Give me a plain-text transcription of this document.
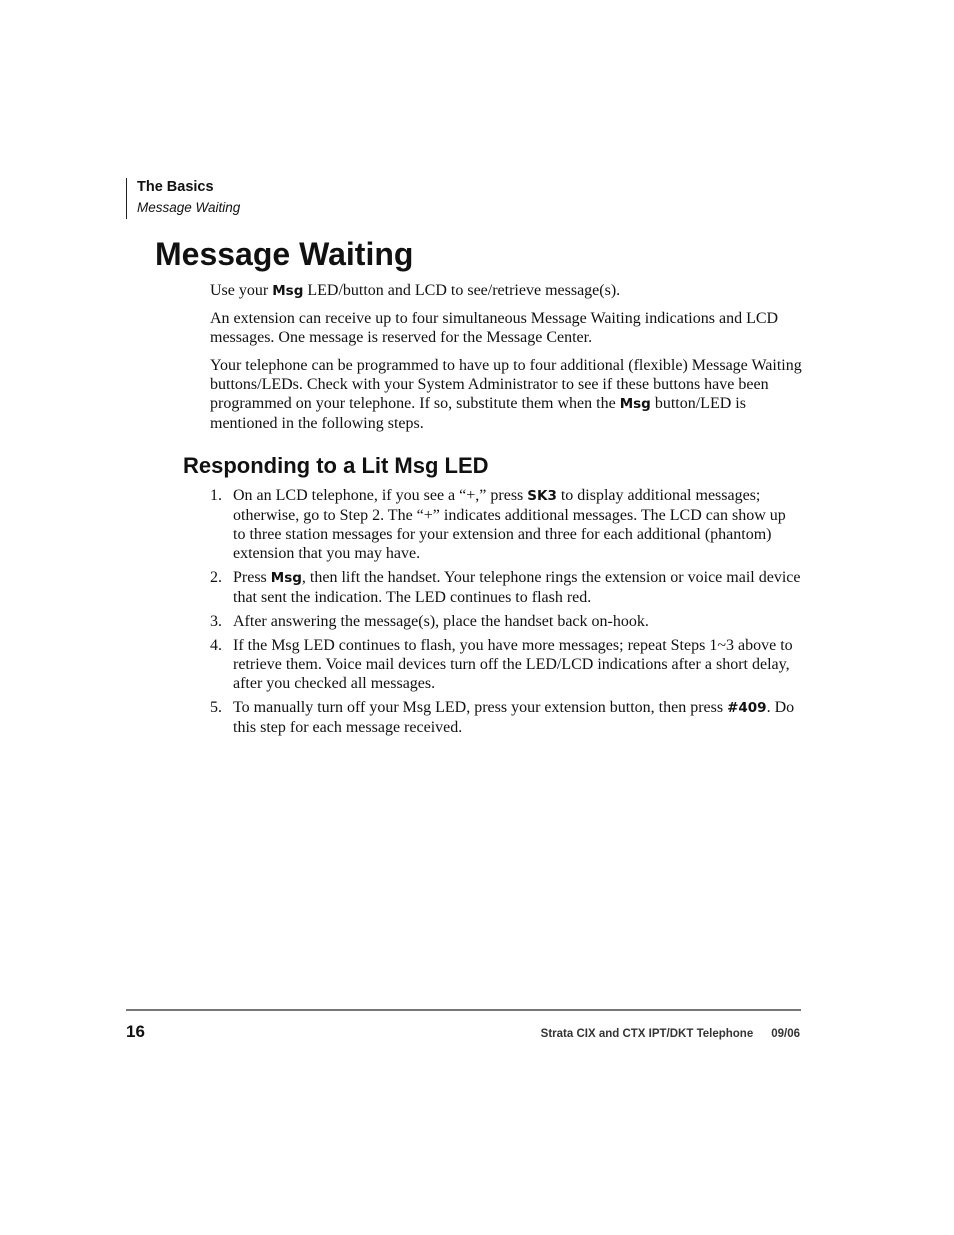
The Basics
Message Waiting
Message Waiting

Use your Msg LED/button and LCD to see/retrieve message(s).

An extension can receive up to four simultaneous Message Waiting indications and LCD messages. One message is reserved for the Message Center.

Your telephone can be programmed to have up to four additional (flexible) Message Waiting buttons/LEDs. Check with your System Administrator to see if these buttons have been programmed on your telephone. If so, substitute them when the Msg button/LED is mentioned in the following steps.

Responding to a Lit Msg LED
1. On an LCD telephone, if you see a “+,” press SK3 to display additional messages; otherwise, go to Step 2. The “+” indicates additional messages. The LCD can show up to three station messages for your extension and three for each additional (phantom) extension that you may have.
2. Press Msg, then lift the handset. Your telephone rings the extension or voice mail device that sent the indication. The LED continues to flash red.
3. After answering the message(s), place the handset back on-hook.
4. If the Msg LED continues to flash, you have more messages; repeat Steps 1~3 above to retrieve them. Voice mail devices turn off the LED/LCD indications after a short delay, after you checked all messages.
5. To manually turn off your Msg LED, press your extension button, then press #409. Do this step for each message received.
16	Strata CIX and CTX IPT/DKT Telephone 09/06
